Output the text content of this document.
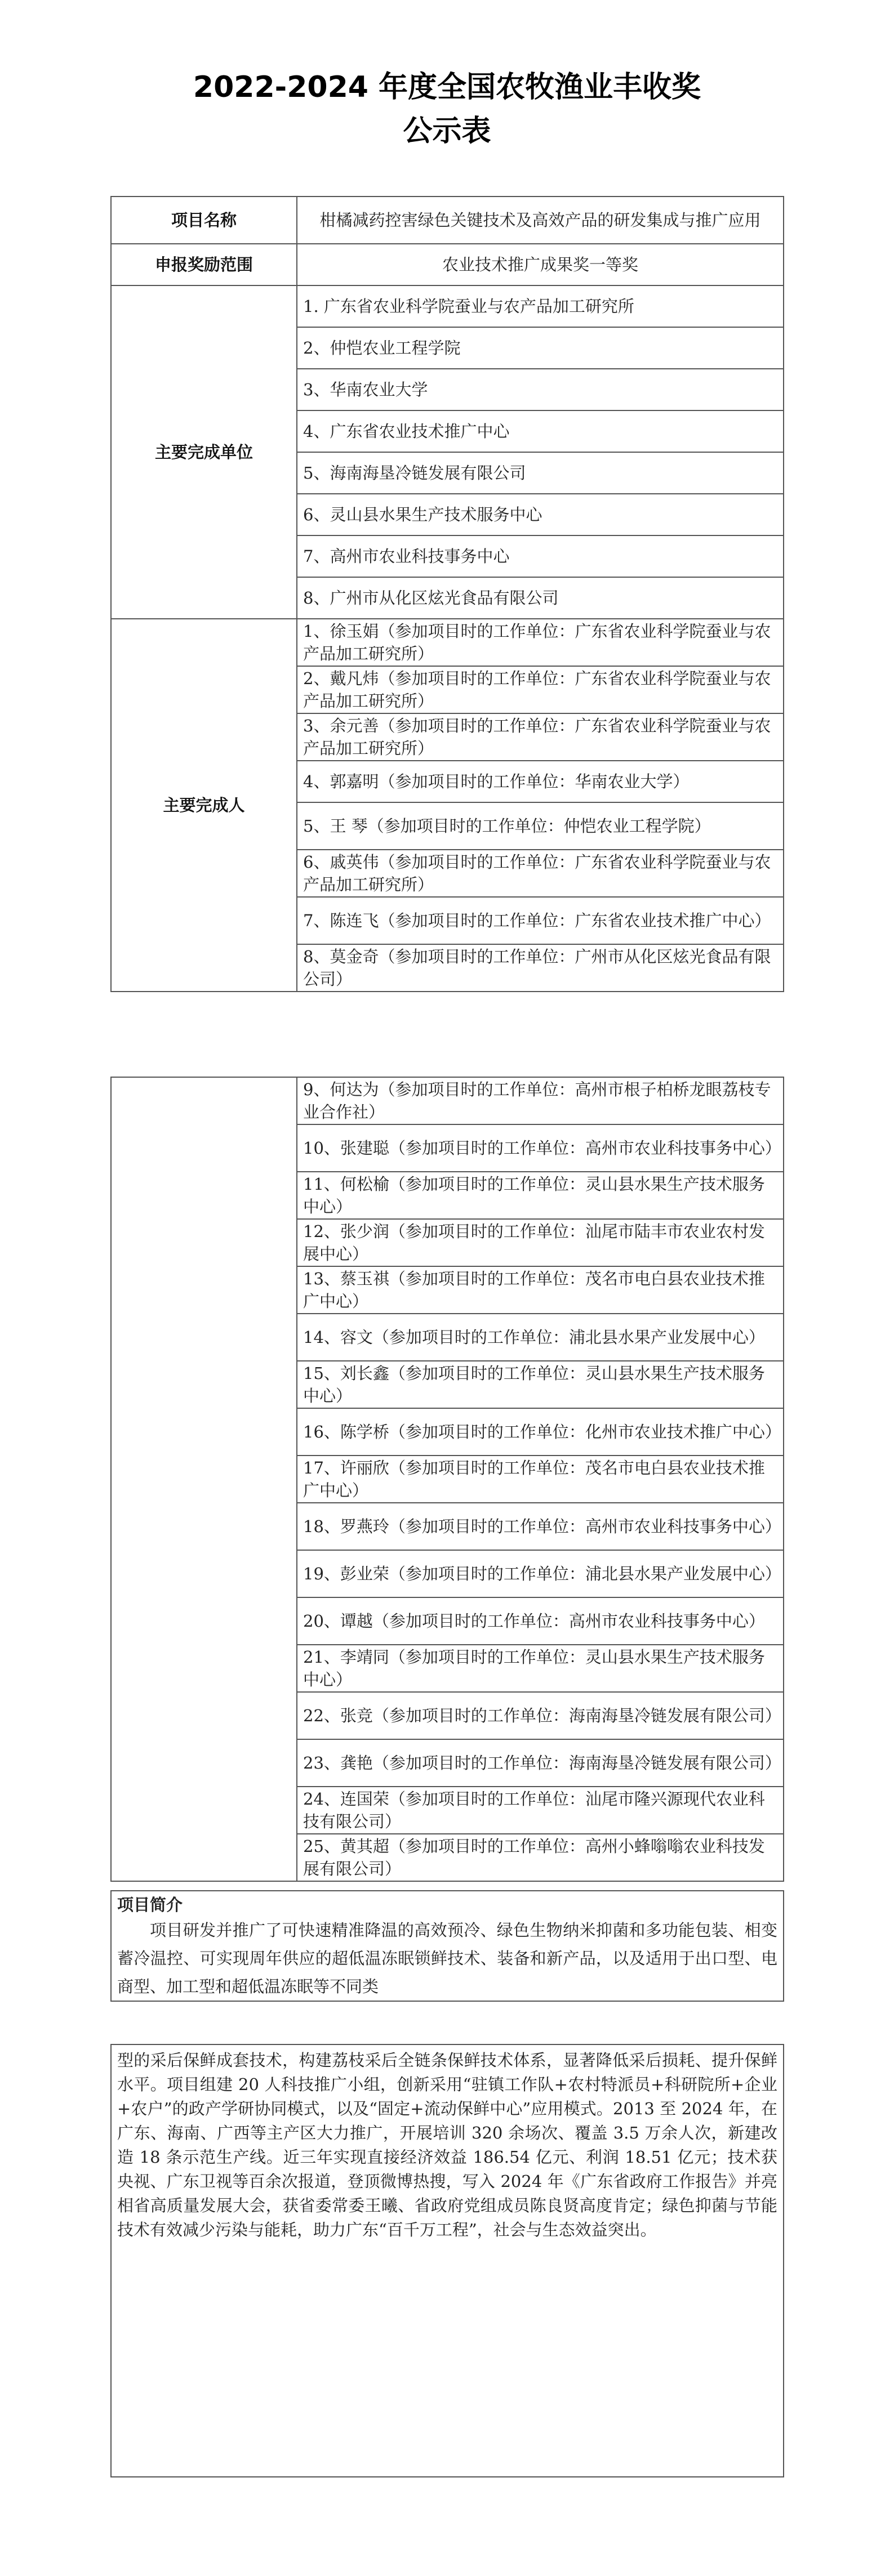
2022-2024 年度全国农牧渔业丰收奖
公示表
项目名称	柑橘减药控害绿色关键技术及高效产品的研发集成与推广应用
申报奖励范围	农业技术推广成果奖一等奖
主要完成单位	1. 广东省农业科学院蚕业与农产品加工研究所
	2、仲恺农业工程学院
	3、华南农业大学
	4、广东省农业技术推广中心
	5、海南海垦冷链发展有限公司
	6、灵山县水果生产技术服务中心
	7、高州市农业科技事务中心
	8、广州市从化区炫光食品有限公司
主要完成人	1、徐玉娟（参加项目时的工作单位：广东省农业科学院蚕业与农产品加工研究所）
	2、戴凡炜（参加项目时的工作单位：广东省农业科学院蚕业与农产品加工研究所）
	3、余元善（参加项目时的工作单位：广东省农业科学院蚕业与农产品加工研究所）
	4、郭嘉明（参加项目时的工作单位：华南农业大学）
	5、王 琴（参加项目时的工作单位：仲恺农业工程学院）
	6、戚英伟（参加项目时的工作单位：广东省农业科学院蚕业与农产品加工研究所）
	7、陈连飞（参加项目时的工作单位：广东省农业技术推广中心）
	8、莫金奇（参加项目时的工作单位：广州市从化区炫光食品有限公司）
	9、何达为（参加项目时的工作单位：高州市根子柏桥龙眼荔枝专业合作社）
10、张建聪（参加项目时的工作单位：高州市农业科技事务中心）
11、何松榆（参加项目时的工作单位：灵山县水果生产技术服务中心）
12、张少润（参加项目时的工作单位：汕尾市陆丰市农业农村发展中心）
13、蔡玉祺（参加项目时的工作单位：茂名市电白县农业技术推广中心）
14、容文（参加项目时的工作单位：浦北县水果产业发展中心）
15、刘长鑫（参加项目时的工作单位：灵山县水果生产技术服务中心）
16、陈学桥（参加项目时的工作单位：化州市农业技术推广中心）
17、许丽欣（参加项目时的工作单位：茂名市电白县农业技术推广中心）
18、罗燕玲（参加项目时的工作单位：高州市农业科技事务中心）
19、彭业荣（参加项目时的工作单位：浦北县水果产业发展中心）
20、谭越（参加项目时的工作单位：高州市农业科技事务中心）
21、李靖同（参加项目时的工作单位：灵山县水果生产技术服务中心）
22、张竞（参加项目时的工作单位：海南海垦冷链发展有限公司）
23、龚艳（参加项目时的工作单位：海南海垦冷链发展有限公司）
24、连国荣（参加项目时的工作单位：汕尾市隆兴源现代农业科技有限公司）
25、黄其超（参加项目时的工作单位：高州小蜂嗡嗡农业科技发展有限公司）
项目简介
项目研发并推广了可快速精准降温的高效预冷、绿色生物纳米抑菌和多功能包装、相变蓄冷温控、可实现周年供应的超低温冻眠锁鲜技术、装备和新产品，以及适用于出口型、电商型、加工型和超低温冻眠等不同类
型的采后保鲜成套技术，构建荔枝采后全链条保鲜技术体系，显著降低采后损耗、提升保鲜水平。项目组建 20 人科技推广小组，创新采用“驻镇工作队+农村特派员+科研院所+企业+农户”的政产学研协同模式，以及“固定+流动保鲜中心”应用模式。2013 至 2024 年，在广东、海南、广西等主产区大力推广，开展培训 320 余场次、覆盖 3.5 万余人次，新建改造 18 条示范生产线。近三年实现直接经济效益 186.54 亿元、利润 18.51 亿元；技术获央视、广东卫视等百余次报道，登顶微博热搜，写入 2024 年《广东省政府工作报告》并亮相省高质量发展大会，获省委常委王曦、省政府党组成员陈良贤高度肯定；绿色抑菌与节能技术有效减少污染与能耗，助力广东“百千万工程”，社会与生态效益突出。
